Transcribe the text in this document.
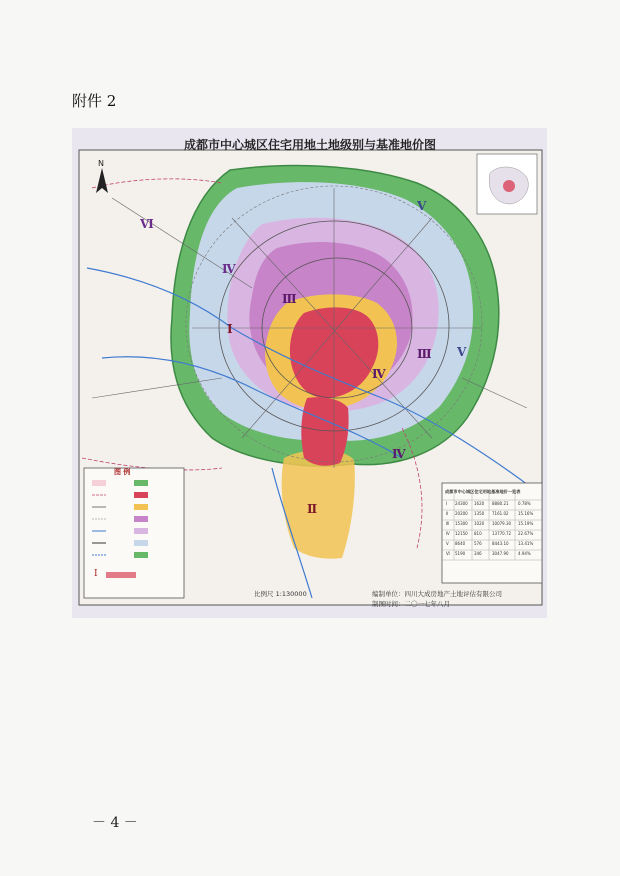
附件 2
Ⅵ
Ⅴ
Ⅳ
Ⅲ
Ⅲ Ⅴ
Ⅳ
Ⅱ
Ⅳ
Ⅰ
N
Ⅰ
成都市中心城区住宅用地土地级别与基准地价图
图 例
成都市中心城区住宅用地基准地价一览表
Ⅰ 24300 1620 8880.21 0.78%
Ⅱ 20200 1350 7161.02 15.16%
Ⅲ 15300 1020 10079.30 15.19%
Ⅳ 12150 810	13770.72 22.67%
Ⅴ 8640 576	8443.10 13.41%
Ⅵ 5190 346	3047.90 4.94%
比例尺 1:130000	编制单位：四川大成房地产土地评估有限公司
制图时间：二〇一七年八月
－ 4 －
